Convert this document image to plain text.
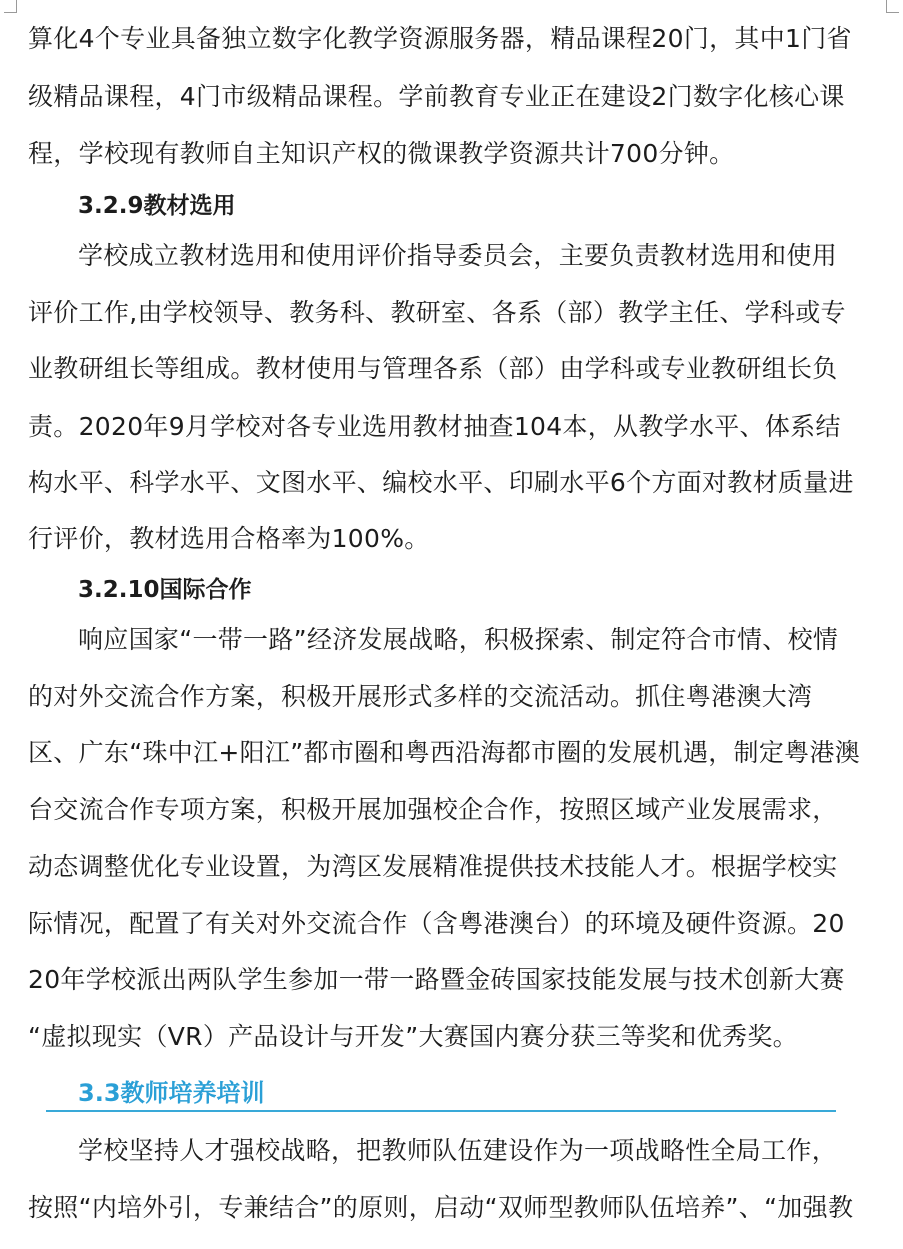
算化4个专业具备独立数字化教学资源服务器，精品课程20门，其中1门省
级精品课程，4门市级精品课程。学前教育专业正在建设2门数字化核心课
程，学校现有教师自主知识产权的微课教学资源共计700分钟。
3.2.9教材选用
学校成立教材选用和使用评价指导委员会，主要负责教材选用和使用
评价工作,由学校领导、教务科、教研室、各系（部）教学主任、学科或专
业教研组长等组成。教材使用与管理各系（部）由学科或专业教研组长负
责。2020年9月学校对各专业选用教材抽查104本，从教学水平、体系结
构水平、科学水平、文图水平、编校水平、印刷水平6个方面对教材质量进
行评价，教材选用合格率为100%。
3.2.10国际合作
响应国家“一带一路”经济发展战略，积极探索、制定符合市情、校情
的对外交流合作方案，积极开展形式多样的交流活动。抓住粤港澳大湾
区、广东“珠中江+阳江”都市圈和粤西沿海都市圈的发展机遇，制定粤港澳
台交流合作专项方案，积极开展加强校企合作，按照区域产业发展需求，
动态调整优化专业设置，为湾区发展精准提供技术技能人才。根据学校实
际情况，配置了有关对外交流合作（含粤港澳台）的环境及硬件资源。20
20年学校派出两队学生参加一带一路暨金砖国家技能发展与技术创新大赛
“虚拟现实（VR）产品设计与开发”大赛国内赛分获三等奖和优秀奖。
3.3教师培养培训
学校坚持人才强校战略，把教师队伍建设作为一项战略性全局工作，
按照“内培外引，专兼结合”的原则，启动“双师型教师队伍培养”、“加强教
